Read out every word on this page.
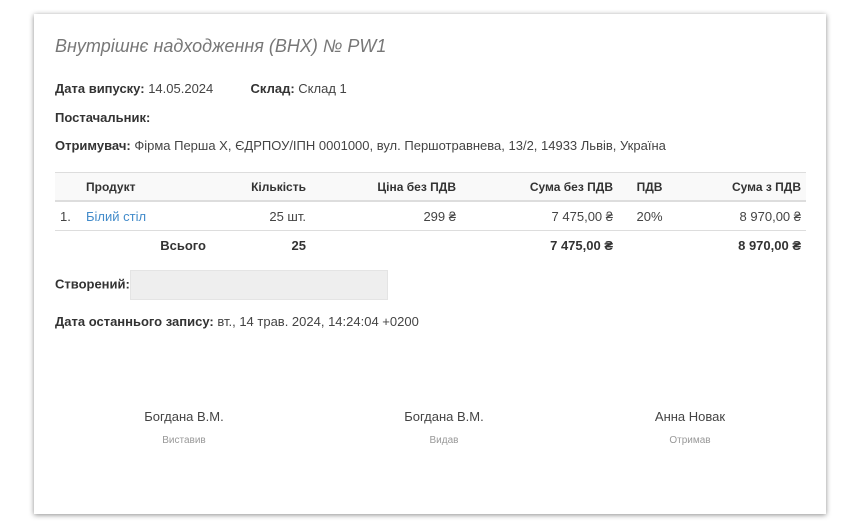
Внутрішнє надходження (ВНХ) № PW1
Дата випуску: 14.05.2024	Склад: Склад 1
Постачальник:
Отримувач: Фірма Перша Х, ЄДРПОУ/ІПН 0001000, вул. Першотравнева, 13/2, 14933 Львів, Україна
	Продукт	Кількість	Ціна без ПДВ	Сума без ПДВ	ПДВ	Сума з ПДВ
1.	Білий стіл	25 шт.	299 ₴	7 475,00 ₴	20%	8 970,00 ₴
	Всього	25		7 475,00 ₴		8 970,00 ₴
Створений:
Дата останнього запису: вт., 14 трав. 2024, 14:24:04 +0200
Богдана В.М.
Виставив
Богдана В.М.
Видав
Анна Новак
Отримав
